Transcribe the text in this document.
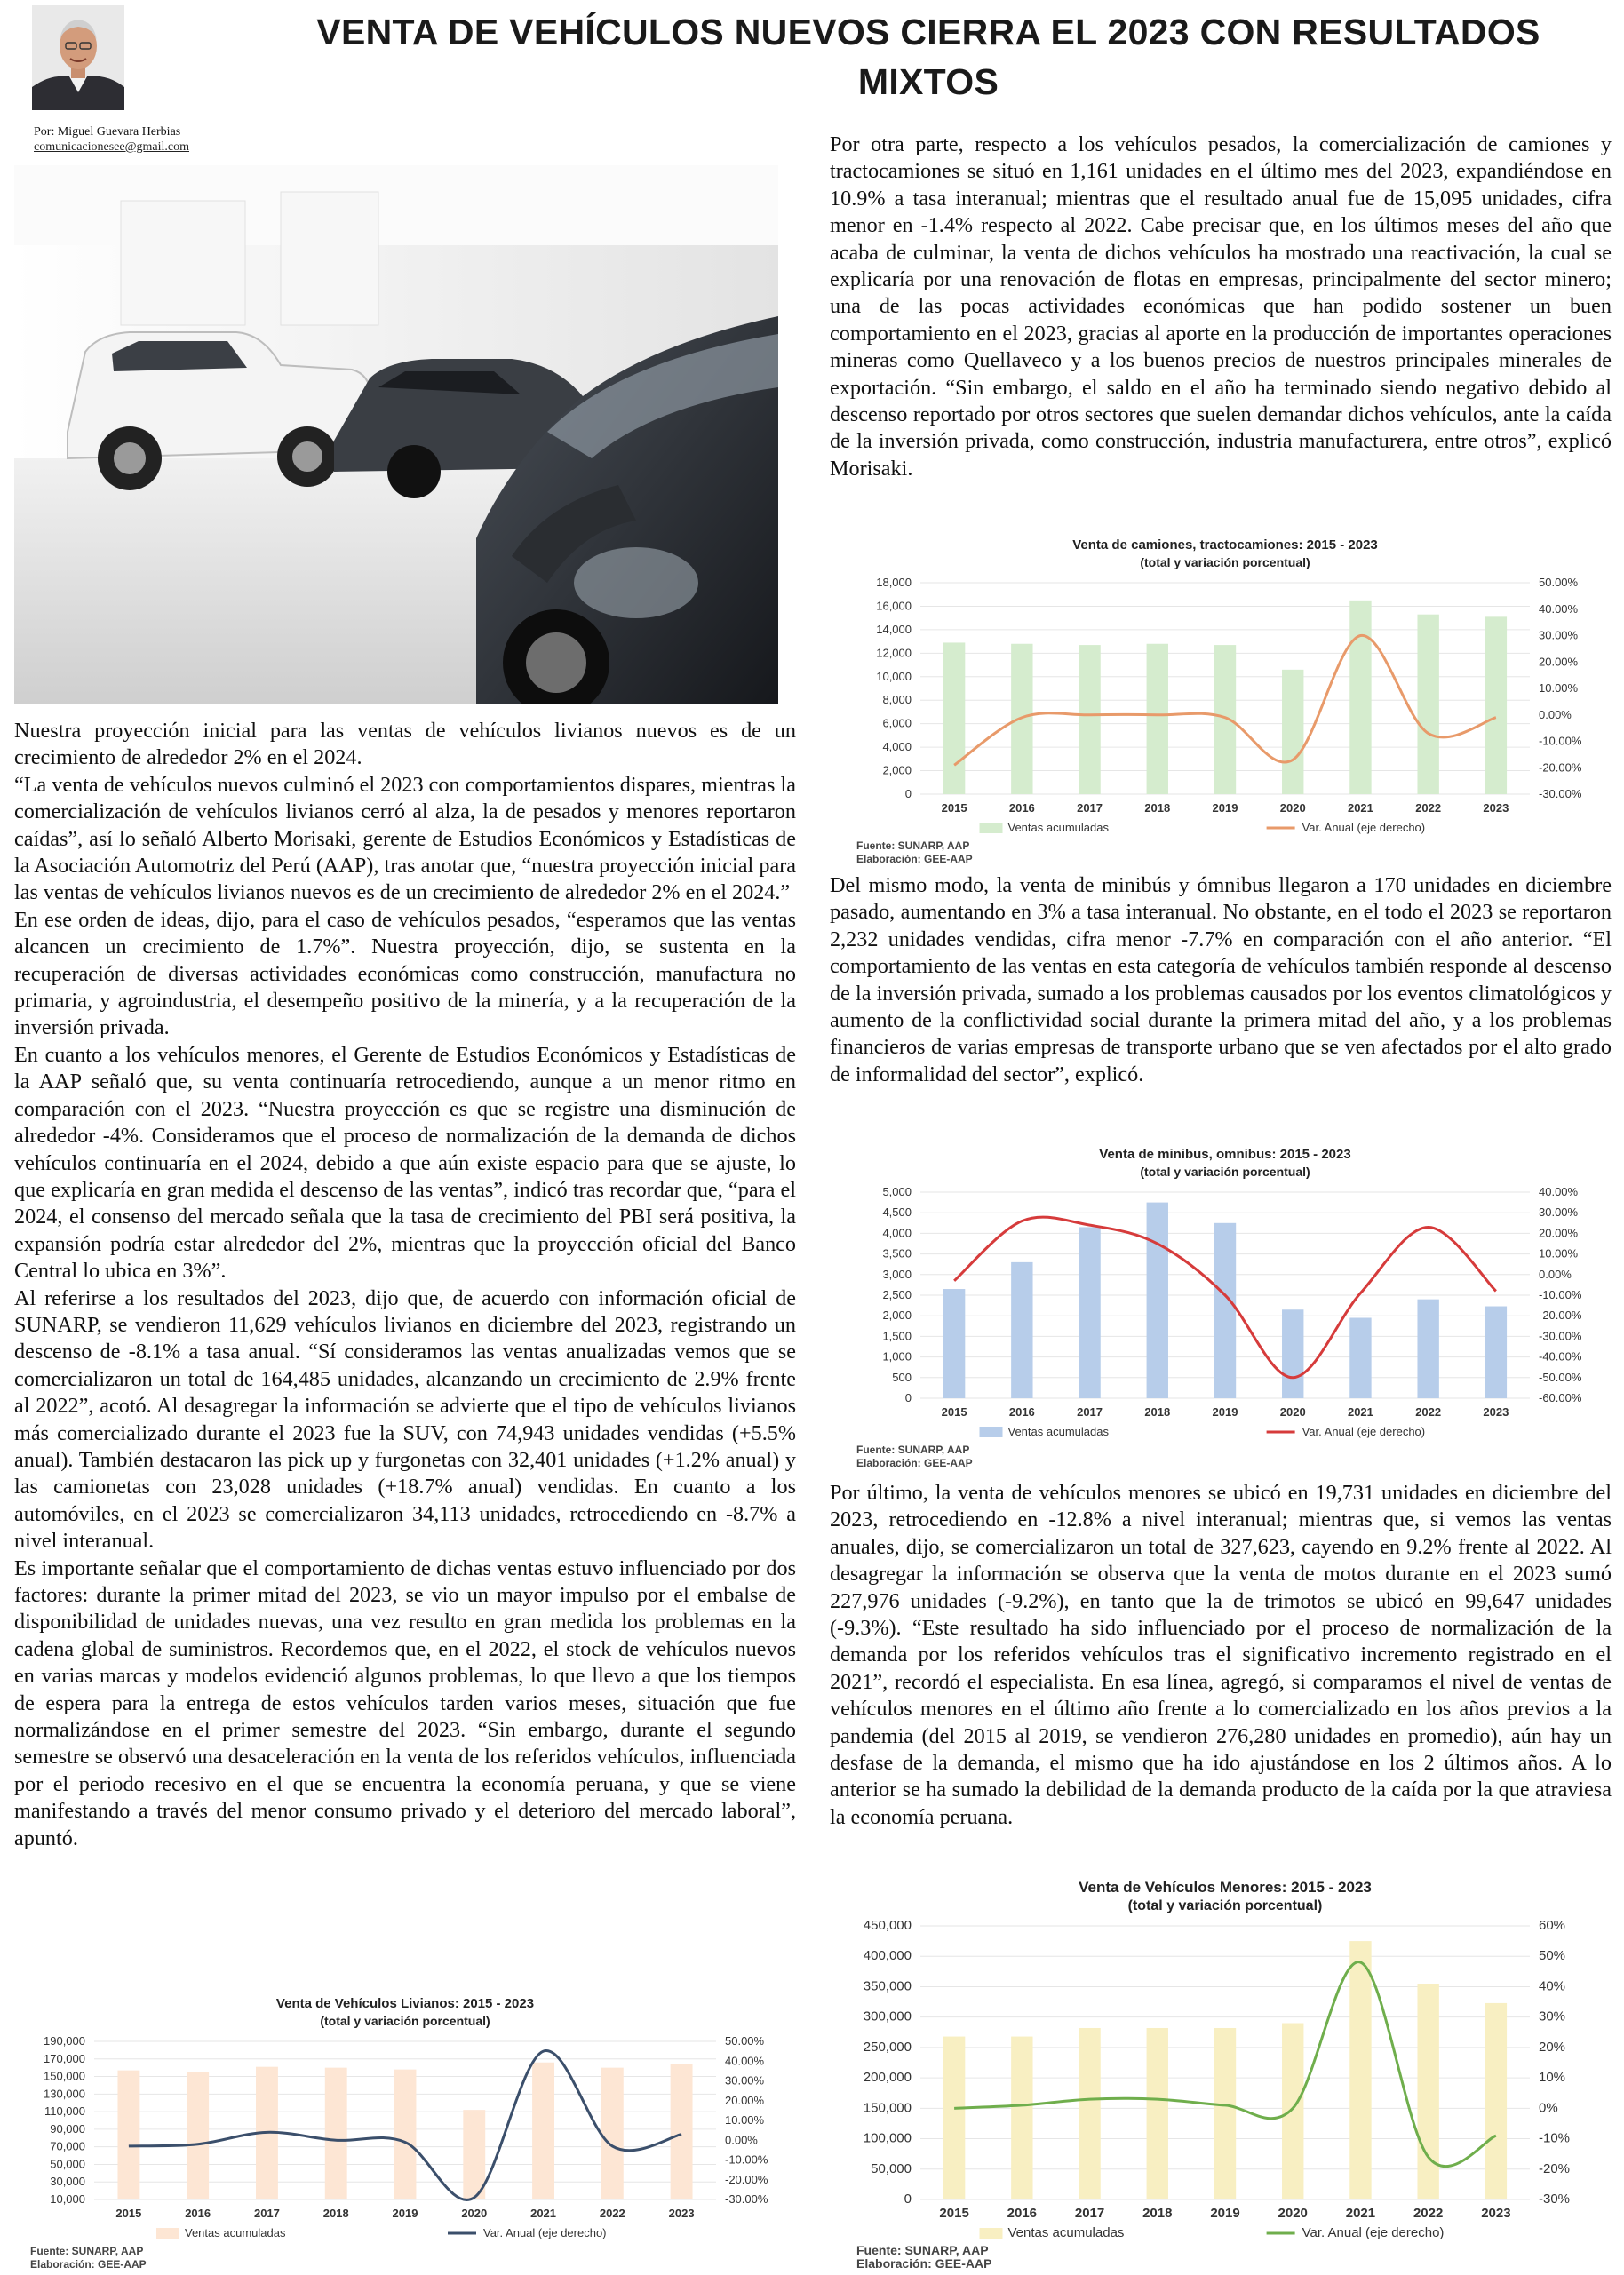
VENTA DE VEHÍCULOS NUEVOS CIERRA EL 2023 CON RESULTADOS MIXTOS
Por: Miguel Guevara Herbias
comunicacionesee@gmail.com

Nuestra proyección inicial para las ventas de vehículos livianos nuevos es de un crecimiento de alrededor 2% en el 2024.

“La venta de vehículos nuevos culminó el 2023 con comportamientos dispares, mientras la comercialización de vehículos livianos cerró al alza, la de pesados y menores reportaron caídas”, así lo señaló Alberto Morisaki, gerente de Estudios Económicos y Estadísticas de la Asociación Automotriz del Perú (AAP), tras anotar que, “nuestra proyección inicial para las ventas de vehículos livianos nuevos es de un crecimiento de alrededor 2% en el 2024.”

En ese orden de ideas, dijo, para el caso de vehículos pesados, “esperamos que las ventas alcancen un crecimiento de 1.7%”. Nuestra proyección, dijo, se sustenta en la recuperación de diversas actividades económicas como construcción, manufactura no primaria, y agroindustria, el desempeño positivo de la minería, y a la recuperación de la inversión privada.

En cuanto a los vehículos menores, el Gerente de Estudios Económicos y Estadísticas de la AAP señaló que, su venta continuaría retrocediendo, aunque a un menor ritmo en comparación con el 2023. “Nuestra proyección es que se registre una disminución de alrededor -4%. Consideramos que el proceso de normalización de la demanda de dichos vehículos continuaría en el 2024, debido a que aún existe espacio para que se ajuste, lo que explicaría en gran medida el descenso de las ventas”, indicó tras recordar que, “para el 2024, el consenso del mercado señala que la tasa de crecimiento del PBI será positiva, la expansión podría estar alrededor del 2%, mientras que la proyección oficial del Banco Central lo ubica en 3%”.

Al referirse a los resultados del 2023, dijo que, de acuerdo con información oficial de SUNARP, se vendieron 11,629 vehículos livianos en diciembre del 2023, registrando un descenso de -8.1% a tasa anual. “Sí consideramos las ventas anualizadas vemos que se comercializaron un total de 164,485 unidades, alcanzando un crecimiento de 2.9% frente al 2022”, acotó. Al desagregar la información se advierte que el tipo de vehículos livianos más comercializado durante el 2023 fue la SUV, con 74,943 unidades vendidas (+5.5% anual). También destacaron las pick up y furgonetas con 32,401 unidades (+1.2% anual) y las camionetas con 23,028 unidades (+18.7% anual) vendidas. En cuanto a los automóviles, en el 2023 se comercializaron 34,113 unidades, retrocediendo en -8.7% a nivel interanual.

Es importante señalar que el comportamiento de dichas ventas estuvo influenciado por dos factores: durante la primer mitad del 2023, se vio un mayor impulso por el embalse de disponibilidad de unidades nuevas, una vez resulto en gran medida los problemas en la cadena global de suministros. Recordemos que, en el 2022, el stock de vehículos nuevos en varias marcas y modelos evidenció algunos problemas, lo que llevo a que los tiempos de espera para la entrega de estos vehículos tarden varios meses, situación que fue normalizándose en el primer semestre del 2023. “Sin embargo, durante el segundo semestre se observó una desaceleración en la venta de los referidos vehículos, influenciada por el periodo recesivo en el que se encuentra la economía peruana, y que se viene manifestando a través del menor consumo privado y el deterioro del mercado laboral”, apuntó.

Por otra parte, respecto a los vehículos pesados, la comercialización de camiones y tractocamiones se situó en 1,161 unidades en el último mes del 2023, expandiéndose en 10.9% a tasa interanual; mientras que el resultado anual fue de 15,095 unidades, cifra menor en -1.4% respecto al 2022. Cabe precisar que, en los últimos meses del año que acaba de culminar, la venta de dichos vehículos ha mostrado una reactivación, la cual se explicaría por una renovación de flotas en empresas, principalmente del sector minero; una de las pocas actividades económicas que han podido sostener un buen comportamiento en el 2023, gracias al aporte en la producción de importantes operaciones mineras como Quellaveco y a los buenos precios de nuestros principales minerales de exportación. “Sin embargo, el saldo en el año ha terminado siendo negativo debido al descenso reportado por otros sectores que suelen demandar dichos vehículos, ante la caída de la inversión privada, como construcción, industria manufacturera, entre otros”, explicó Morisaki.

Del mismo modo, la venta de minibús y ómnibus llegaron a 170 unidades en diciembre pasado, aumentando en 3% a tasa interanual. No obstante, en el todo el 2023 se reportaron 2,232 unidades vendidas, cifra menor -7.7% en comparación con el año anterior. “El comportamiento de las ventas en esta categoría de vehículos también responde al descenso de la inversión privada, sumado a los problemas causados por los eventos climatológicos y aumento de la conflictividad social durante la primera mitad del año, y a los problemas financieros de varias empresas de transporte urbano que se ven afectados por el alto grado de informalidad del sector”, explicó.

Por último, la venta de vehículos menores se ubicó en 19,731 unidades en diciembre del 2023, retrocediendo en -12.8% a nivel interanual; mientras que, si vemos las ventas anuales, dijo, se comercializaron un total de 327,623, cayendo en 9.2% frente al 2022. Al desagregar la información se observa que la venta de motos durante en el 2023 sumó 227,976 unidades (-9.2%), en tanto que la de trimotos se ubicó en 99,647 unidades (-9.3%). “Este resultado ha sido influenciado por el proceso de normalización de la demanda por los referidos vehículos tras el significativo incremento registrado en el 2021”, recordó el especialista. En esa línea, agregó, si comparamos el nivel de ventas de vehículos menores en el último año frente a lo comercializado en los años previos a la pandemia (del 2015 al 2019, se vendieron 276,280 unidades en promedio), aún hay un desfase de la demanda, el mismo que ha ido ajustándose en los 2 últimos años. A lo anterior se ha sumado la debilidad de la demanda producto de la caída por la que atraviesa la economía peruana.

Venta de camiones, tractocamiones: 2015 - 2023
(total y variación porcentual)
0
2,000
4,000
6,000
8,000
10,000
12,000
14,000
16,000
18,000
-30.00%
-20.00%
-10.00%
0.00%
10.00%
20.00%
30.00%
40.00%
50.00%
2015	2016	2017	2018	2019	2020	2021	2022	2023
Ventas acumuladas	Var. Anual (eje derecho)
Fuente: SUNARP, AAP
Elaboración: GEE-AAP
Venta de minibus, omnibus: 2015 - 2023
(total y variación porcentual)
0
500
1,000
1,500
2,000
2,500
3,000
3,500
4,000
4,500
5,000
-60.00%
-50.00%
-40.00%
-30.00%
-20.00%
-10.00%
0.00%
10.00%
20.00%
30.00%
40.00%
2015	2016	2017	2018	2019	2020	2021	2022	2023
Ventas acumuladas	Var. Anual (eje derecho)
Fuente: SUNARP, AAP
Elaboración: GEE-AAP
Venta de Vehículos Menores: 2015 - 2023
(total y variación porcentual)
0
50,000
100,000
150,000
200,000
250,000
300,000
350,000
400,000
450,000
-30%
-20%
-10%
0%
10%
20%
30%
40%
50%
60%
2015	2016	2017	2018	2019	2020	2021	2022	2023
Ventas acumuladas	Var. Anual (eje derecho)
Fuente: SUNARP, AAP
Elaboración: GEE-AAP
Venta de Vehículos Livianos: 2015 - 2023
(total y variación porcentual)
10,000
30,000
50,000
70,000
90,000
110,000
130,000
150,000
170,000
190,000
-30.00%
-20.00%
-10.00%
0.00%
10.00%
20.00%
30.00%
40.00%
50.00%
2015	2016	2017	2018	2019	2020	2021	2022	2023
Ventas acumuladas	Var. Anual (eje derecho)
Fuente: SUNARP, AAP
Elaboración: GEE-AAP
